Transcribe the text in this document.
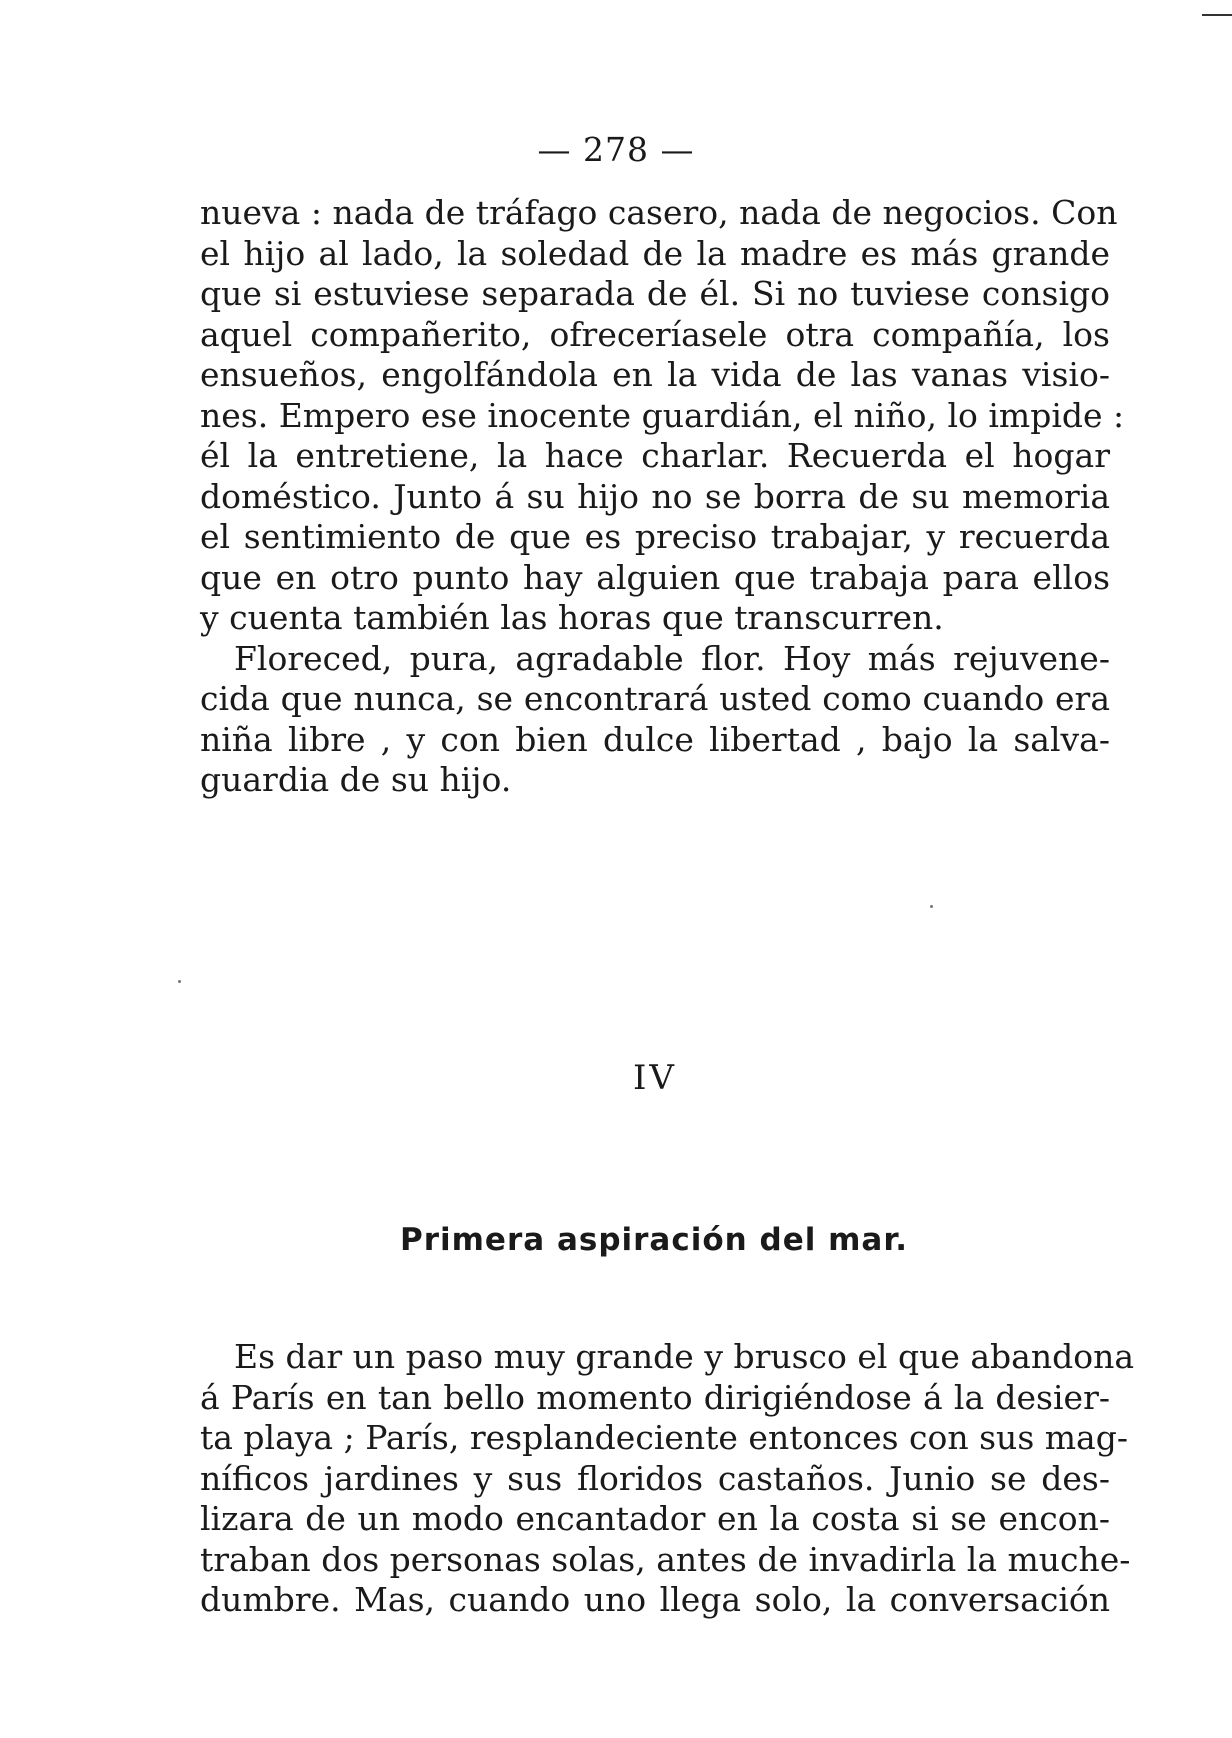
— 278 —
nueva : nada de tráfago casero, nada de negocios. Con
el hijo al lado, la soledad de la madre es más grande
que si estuviese separada de él. Si no tuviese consigo
aquel compañerito, ofreceríasele otra compañía, los
ensueños, engolfándola en la vida de las vanas visio-
nes. Empero ese inocente guardián, el niño, lo impide :
él la entretiene, la hace charlar. Recuerda el hogar
doméstico. Junto á su hijo no se borra de su memoria
el sentimiento de que es preciso trabajar, y recuerda
que en otro punto hay alguien que trabaja para ellos
y cuenta también las horas que transcurren.
Floreced, pura, agradable flor. Hoy más rejuvene-
cida que nunca, se encontrará usted como cuando era
niña libre , y con bien dulce libertad , bajo la salva-
guardia de su hijo.
IV
Primera aspiración del mar.
Es dar un paso muy grande y brusco el que abandona
á París en tan bello momento dirigiéndose á la desier-
ta playa ; París, resplandeciente entonces con sus mag-
níficos jardines y sus floridos castaños. Junio se des-
lizara de un modo encantador en la costa si se encon-
traban dos personas solas, antes de invadirla la muche-
dumbre. Mas, cuando uno llega solo, la conversación
